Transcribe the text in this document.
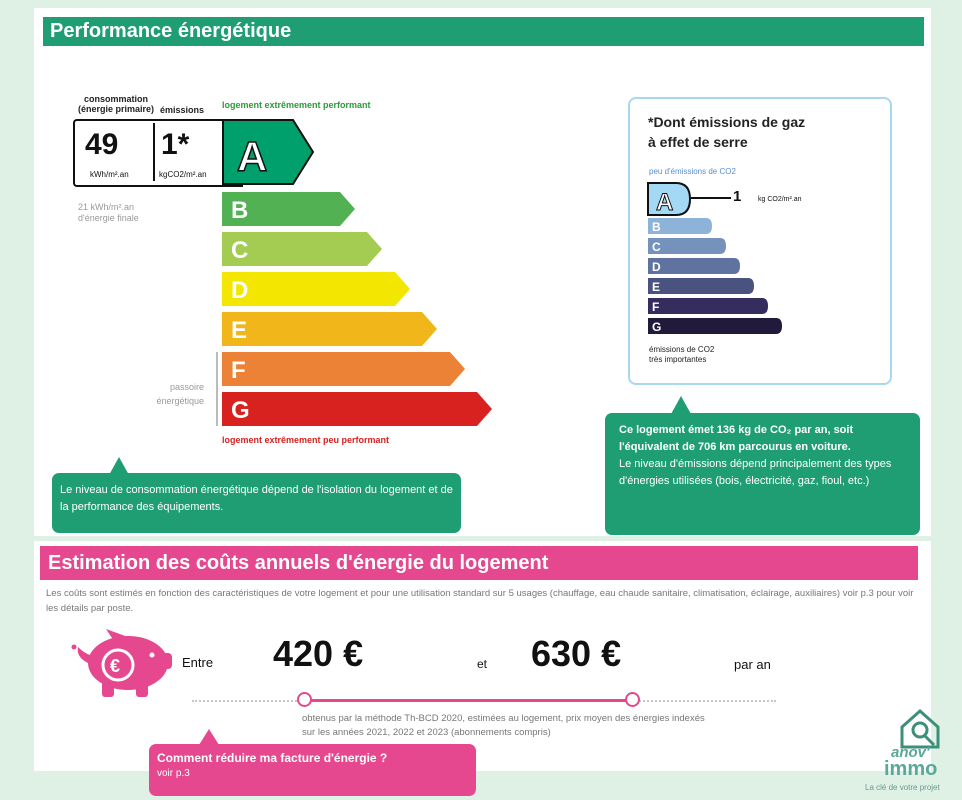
Performance énergétique
consommation
(énergie primaire) émissions logement extrêmement performant
49
kWh/m².an
1*
kgCO2/m².an
21 kWh/m².an
d'énergie finale
A
B
C
D
E
F
G
passoire
énergétique
logement extrêmement peu performant
Le niveau de consommation énergétique dépend de l'isolation du logement et de la performance des équipements.
*Dont émissions de gaz
à effet de serre
peu d'émissions de CO2
A
B
C
D
E
F
G
1 kg CO2/m².an
émissions de CO2
très importantes
Ce logement émet 136 kg de CO₂ par an, soit
l'équivalent de 706 km parcourus en voiture.
Le niveau d'émissions dépend principalement des types d'énergies utilisées (bois, électricité, gaz, fioul, etc.)
Estimation des coûts annuels d'énergie du logement
Les coûts sont estimés en fonction des caractéristiques de votre logement et pour une utilisation standard sur 5 usages (chauffage, eau chaude sanitaire, climatisation, éclairage, auxiliaires) voir p.3 pour voir les détails par poste.
€	Entre 420 €	et 630 €	par an
obtenus par la méthode Th-BCD 2020, estimées au logement, prix moyen des énergies indexés
sur les années 2021, 2022 et 2023 (abonnements compris)
Comment réduire ma facture d'énergie ?
voir p.3
anov'
immo
La clé de votre projet
